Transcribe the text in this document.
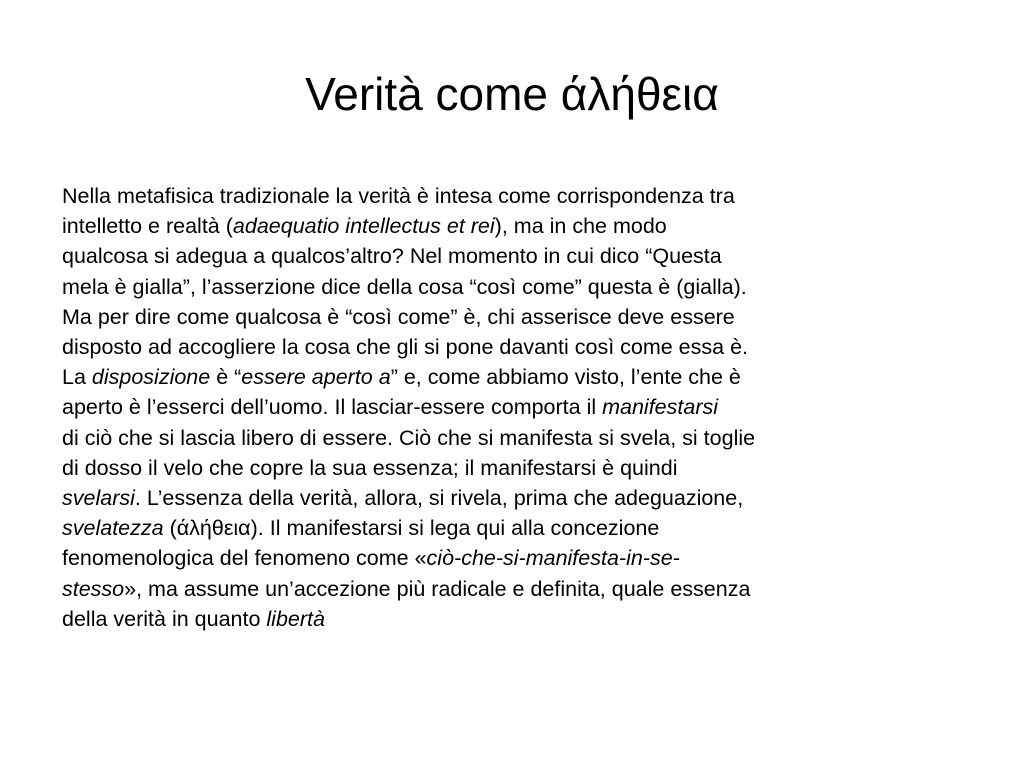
Verità come άλήθεια
Nella metafisica tradizionale la verità è intesa come corrispondenza tra
intelletto e realtà (adaequatio intellectus et rei), ma in che modo
qualcosa si adegua a qualcos’altro? Nel momento in cui dico “Questa
mela è gialla”, l’asserzione dice della cosa “così come” questa è (gialla).
Ma per dire come qualcosa è “così come” è, chi asserisce deve essere
disposto ad accogliere la cosa che gli si pone davanti così come essa è.
La disposizione è “essere aperto a” e, come abbiamo visto, l’ente che è
aperto è l’esserci dell’uomo. Il lasciar-essere comporta il manifestarsi
di ciò che si lascia libero di essere. Ciò che si manifesta si svela, si toglie
di dosso il velo che copre la sua essenza; il manifestarsi è quindi
svelarsi. L’essenza della verità, allora, si rivela, prima che adeguazione,
svelatezza (άλήθεια). Il manifestarsi si lega qui alla concezione
fenomenologica del fenomeno come «ciò-che-si-manifesta-in-se-
stesso», ma assume un’accezione più radicale e definita, quale essenza
della verità in quanto libertà
